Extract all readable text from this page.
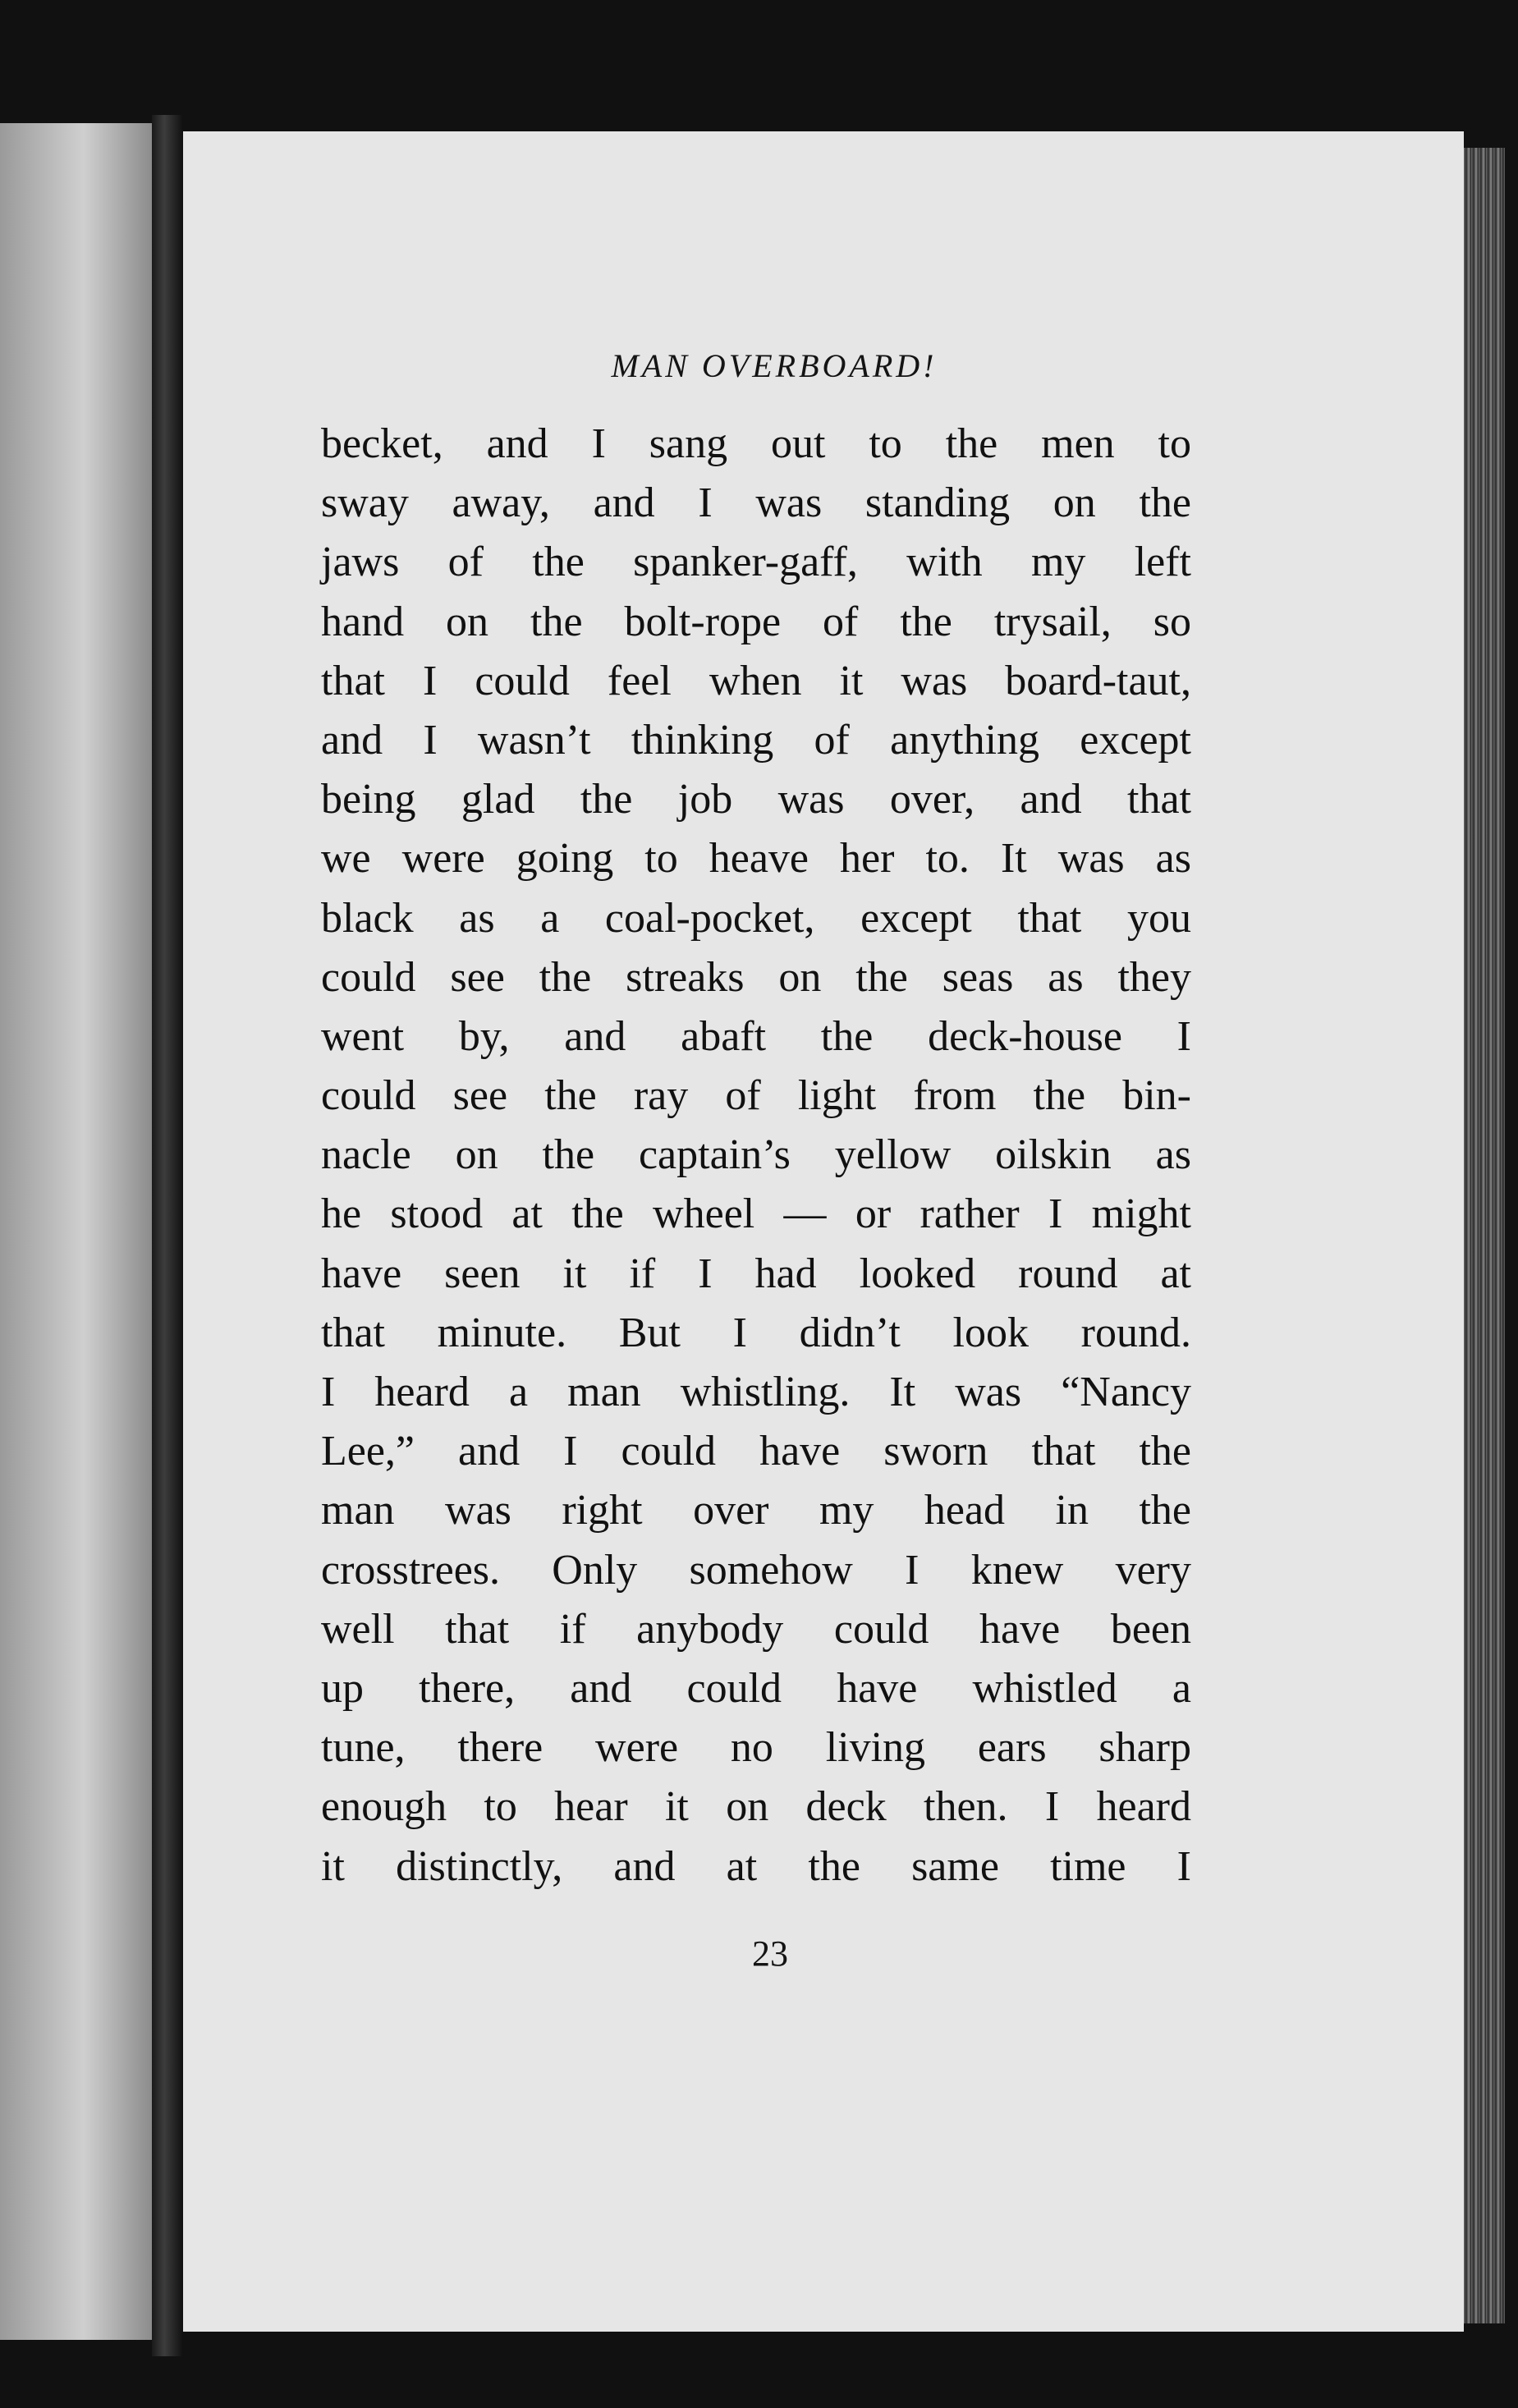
MAN OVERBOARD!
becket, and I sang out to the men to
sway away, and I was standing on the
jaws of the spanker-gaff, with my left
hand on the bolt-rope of the trysail, so
that I could feel when it was board-taut,
and I wasn’t thinking of anything except
being glad the job was over, and that
we were going to heave her to. It was as
black as a coal-pocket, except that you
could see the streaks on the seas as they
went by, and abaft the deck-house I
could see the ray of light from the bin-
nacle on the captain’s yellow oilskin as
he stood at the wheel — or rather I might
have seen it if I had looked round at
that minute. But I didn’t look round.
I heard a man whistling. It was “Nancy
Lee,” and I could have sworn that the
man was right over my head in the
crosstrees. Only somehow I knew very
well that if anybody could have been
up there, and could have whistled a
tune, there were no living ears sharp
enough to hear it on deck then. I heard
it distinctly, and at the same time I
23
